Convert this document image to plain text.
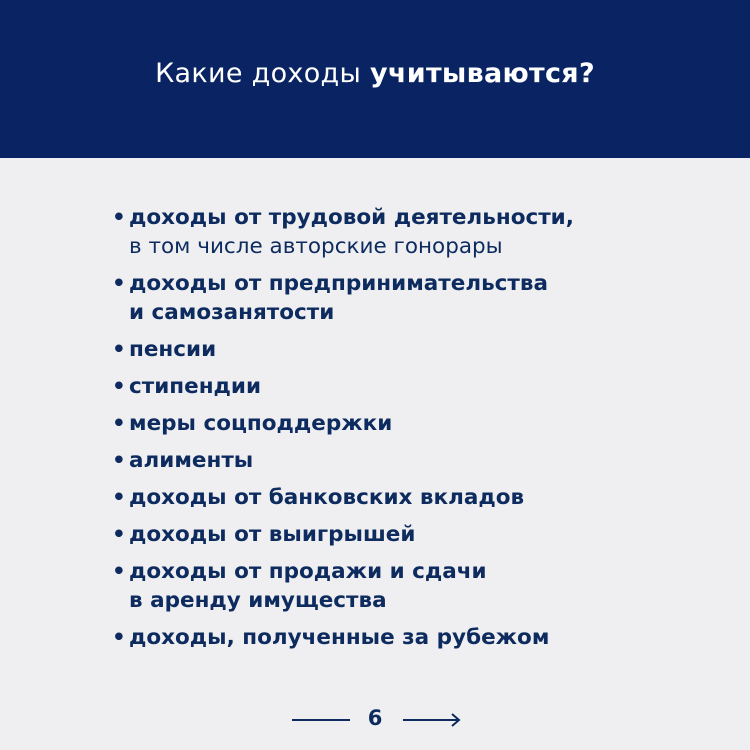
Какие доходы учитываются?
• доходы от трудовой деятельности,
в том числе авторские гонорары
• доходы от предпринимательства
и самозанятости
• пенсии
• стипендии
• меры соцподдержки
• алименты
• доходы от банковских вкладов
• доходы от выигрышей
• доходы от продажи и сдачи
в аренду имущества
• доходы, полученные за рубежом
6
